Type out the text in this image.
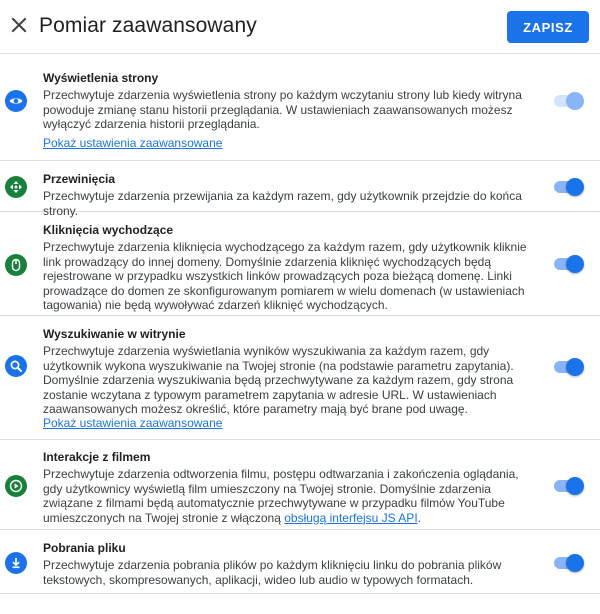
Pomiar zaawansowany	ZAPISZ
Wyświetlenia strony
Przechwytuje zdarzenia wyświetlenia strony po każdym wczytaniu strony lub kiedy witryna powoduje zmianę stanu historii przeglądania. W ustawieniach zaawansowanych możesz wyłączyć zdarzenia historii przeglądania.
Pokaż ustawienia zaawansowane
Przewinięcia
Przechwytuje zdarzenia przewijania za każdym razem, gdy użytkownik przejdzie do końca strony.
Kliknięcia wychodzące
Przechwytuje zdarzenia kliknięcia wychodzącego za każdym razem, gdy użytkownik kliknie link prowadzący do innej domeny. Domyślnie zdarzenia kliknięć wychodzących będą rejestrowane w przypadku wszystkich linków prowadzących poza bieżącą domenę. Linki prowadzące do domen ze skonfigurowanym pomiarem w wielu domenach (w ustawieniach tagowania) nie będą wywoływać zdarzeń kliknięć wychodzących.
Wyszukiwanie w witrynie
Przechwytuje zdarzenia wyświetlania wyników wyszukiwania za każdym razem, gdy użytkownik wykona wyszukiwanie na Twojej stronie (na podstawie parametru zapytania). Domyślnie zdarzenia wyszukiwania będą przechwytywane za każdym razem, gdy strona zostanie wczytana z typowym parametrem zapytania w adresie URL. W ustawieniach zaawansowanych możesz określić, które parametry mają być brane pod uwagę.
Pokaż ustawienia zaawansowane
Interakcje z filmem
Przechwytuje zdarzenia odtworzenia filmu, postępu odtwarzania i zakończenia oglądania, gdy użytkownicy wyświetlą film umieszczony na Twojej stronie. Domyślnie zdarzenia związane z filmami będą automatycznie przechwytywane w przypadku filmów YouTube umieszczonych na Twojej stronie z włączoną obsługą interfejsu JS API.
Pobrania pliku
Przechwytuje zdarzenia pobrania plików po każdym kliknięciu linku do pobrania plików tekstowych, skompresowanych, aplikacji, wideo lub audio w typowych formatach.
